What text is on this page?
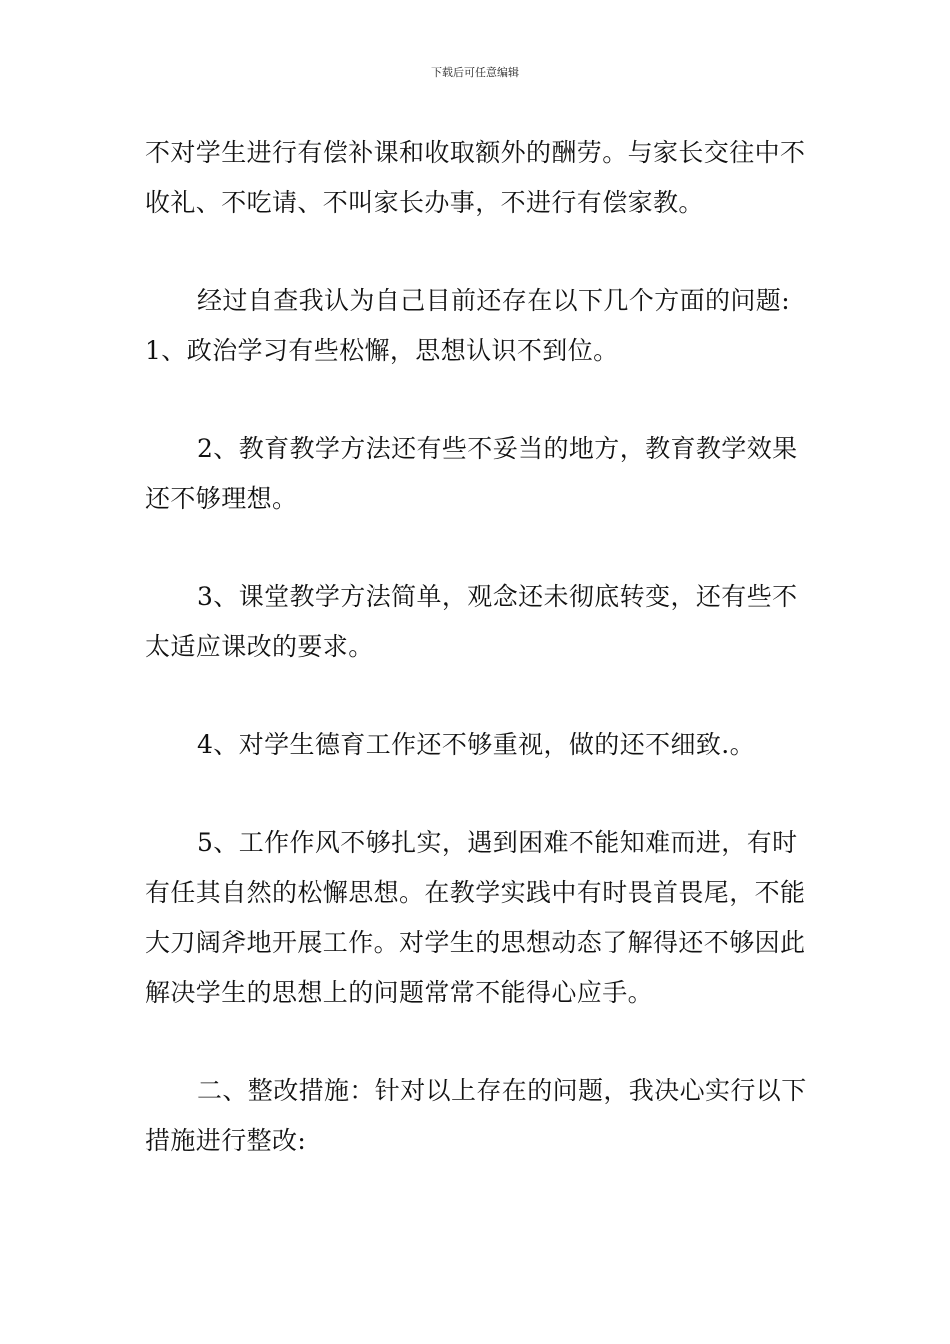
下载后可任意编辑

不对学生进行有偿补课和收取额外的酬劳。与家长交往中不收礼、不吃请、不叫家长办事，不进行有偿家教。

经过自查我认为自己目前还存在以下几个方面的问题:1、政治学习有些松懈，思想认识不到位。

2、教育教学方法还有些不妥当的地方，教育教学效果还不够理想。

3、课堂教学方法简单，观念还未彻底转变，还有些不太适应课改的要求。

4、对学生德育工作还不够重视，做的还不细致.。

5、工作作风不够扎实，遇到困难不能知难而进，有时有任其自然的松懈思想。在教学实践中有时畏首畏尾，不能大刀阔斧地开展工作。对学生的思想动态了解得还不够因此解决学生的思想上的问题常常不能得心应手。

二、整改措施：针对以上存在的问题，我决心实行以下措施进行整改:
